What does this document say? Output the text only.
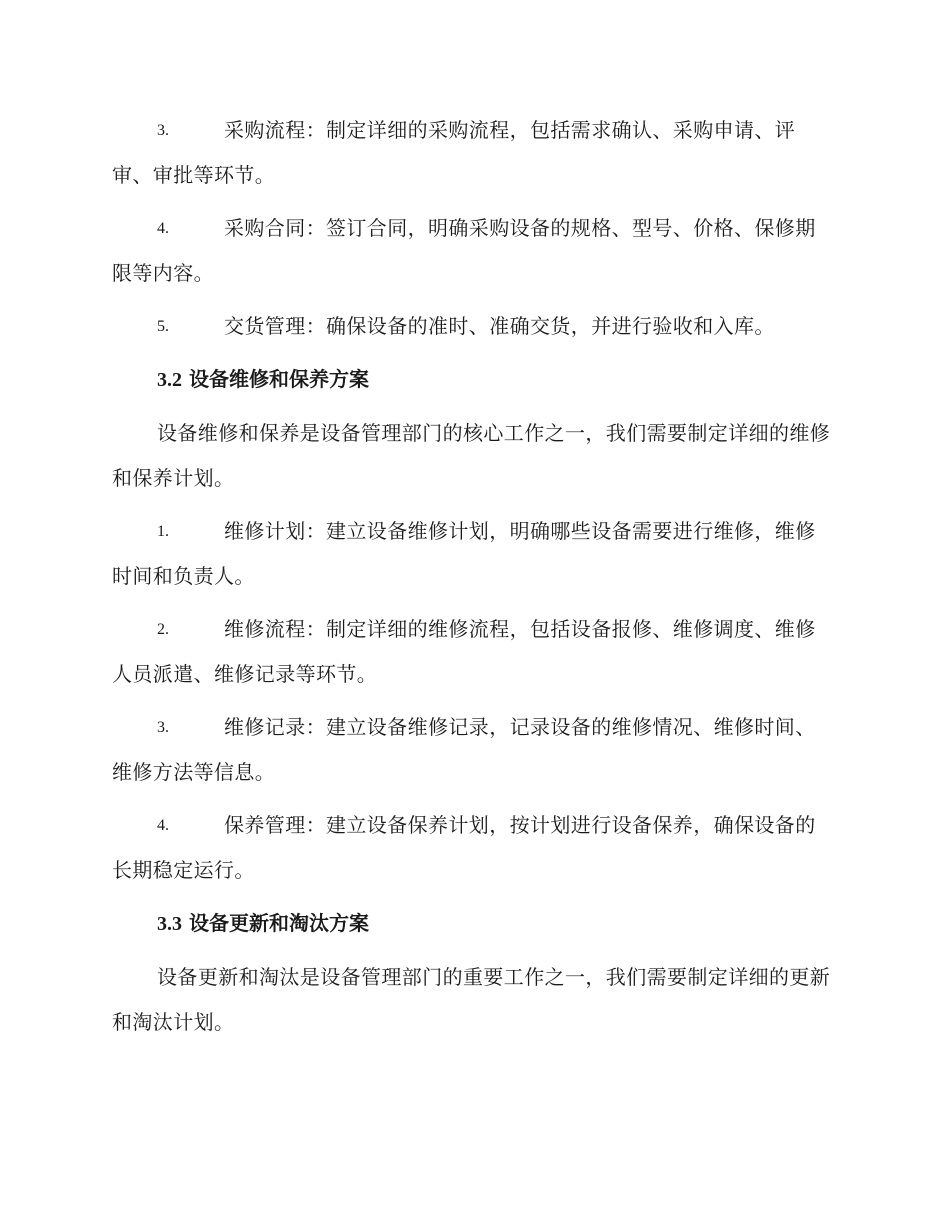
3.	采购流程：制定详细的采购流程，包括需求确认、采购申请、评审、审批等环节。

4.	采购合同：签订合同，明确采购设备的规格、型号、价格、保修期限等内容。

5.	交货管理：确保设备的准时、准确交货，并进行验收和入库。

3.2 设备维修和保养方案

设备维修和保养是设备管理部门的核心工作之一，我们需要制定详细的维修和保养计划。

1.	维修计划：建立设备维修计划，明确哪些设备需要进行维修，维修时间和负责人。

2.	维修流程：制定详细的维修流程，包括设备报修、维修调度、维修人员派遣、维修记录等环节。

3.	维修记录：建立设备维修记录，记录设备的维修情况、维修时间、维修方法等信息。

4.	保养管理：建立设备保养计划，按计划进行设备保养，确保设备的长期稳定运行。

3.3 设备更新和淘汰方案

设备更新和淘汰是设备管理部门的重要工作之一，我们需要制定详细的更新和淘汰计划。
